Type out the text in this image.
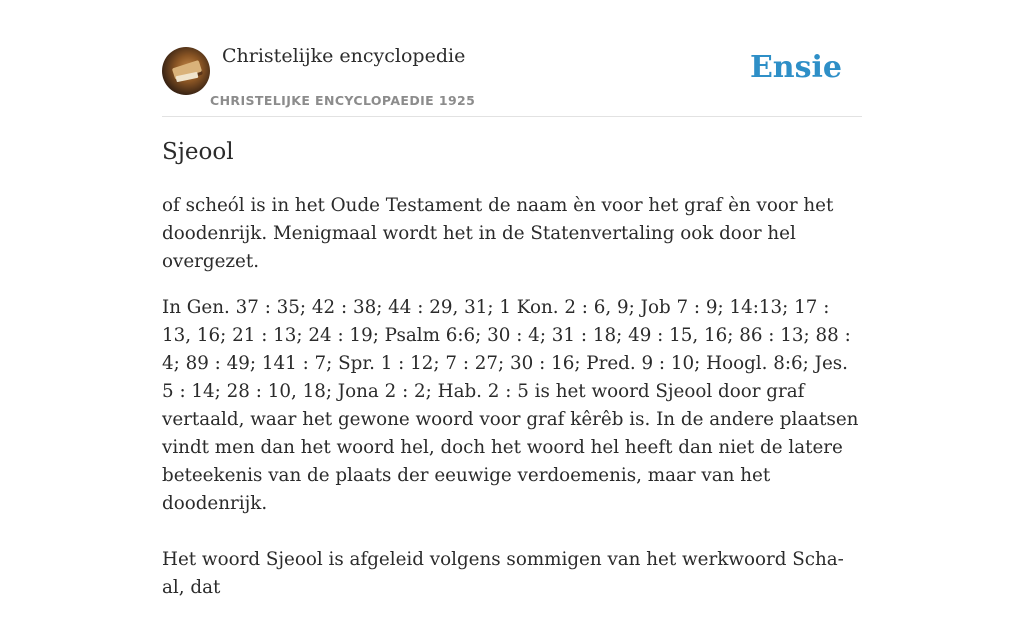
Christelijke encyclopedie
CHRISTELIJKE ENCYCLOPAEDIE 1925
Ensie
Sjeool

of scheól is in het Oude Testament de naam èn voor het graf èn voor het doodenrijk. Menigmaal wordt het in de Statenvertaling ook door hel overgezet.

In Gen. 37 : 35; 42 : 38; 44 : 29, 31; 1 Kon. 2 : 6, 9; Job 7 : 9; 14:13; 17 : 13, 16; 21 : 13; 24 : 19; Psalm 6:6; 30 : 4; 31 : 18; 49 : 15, 16; 86 : 13; 88 : 4; 89 : 49; 141 : 7; Spr. 1 : 12; 7 : 27; 30 : 16; Pred. 9 : 10; Hoogl. 8:6; Jes. 5 : 14; 28 : 10, 18; Jona 2 : 2; Hab. 2 : 5 is het woord Sjeool door graf vertaald, waar het gewone woord voor graf kêrêb is. In de andere plaatsen vindt men dan het woord hel, doch het woord hel heeft dan niet de latere beteekenis van de plaats der eeuwige verdoemenis, maar van het doodenrijk.

Het woord Sjeool is afgeleid volgens sommigen van het werkwoord Scha-al, dat
